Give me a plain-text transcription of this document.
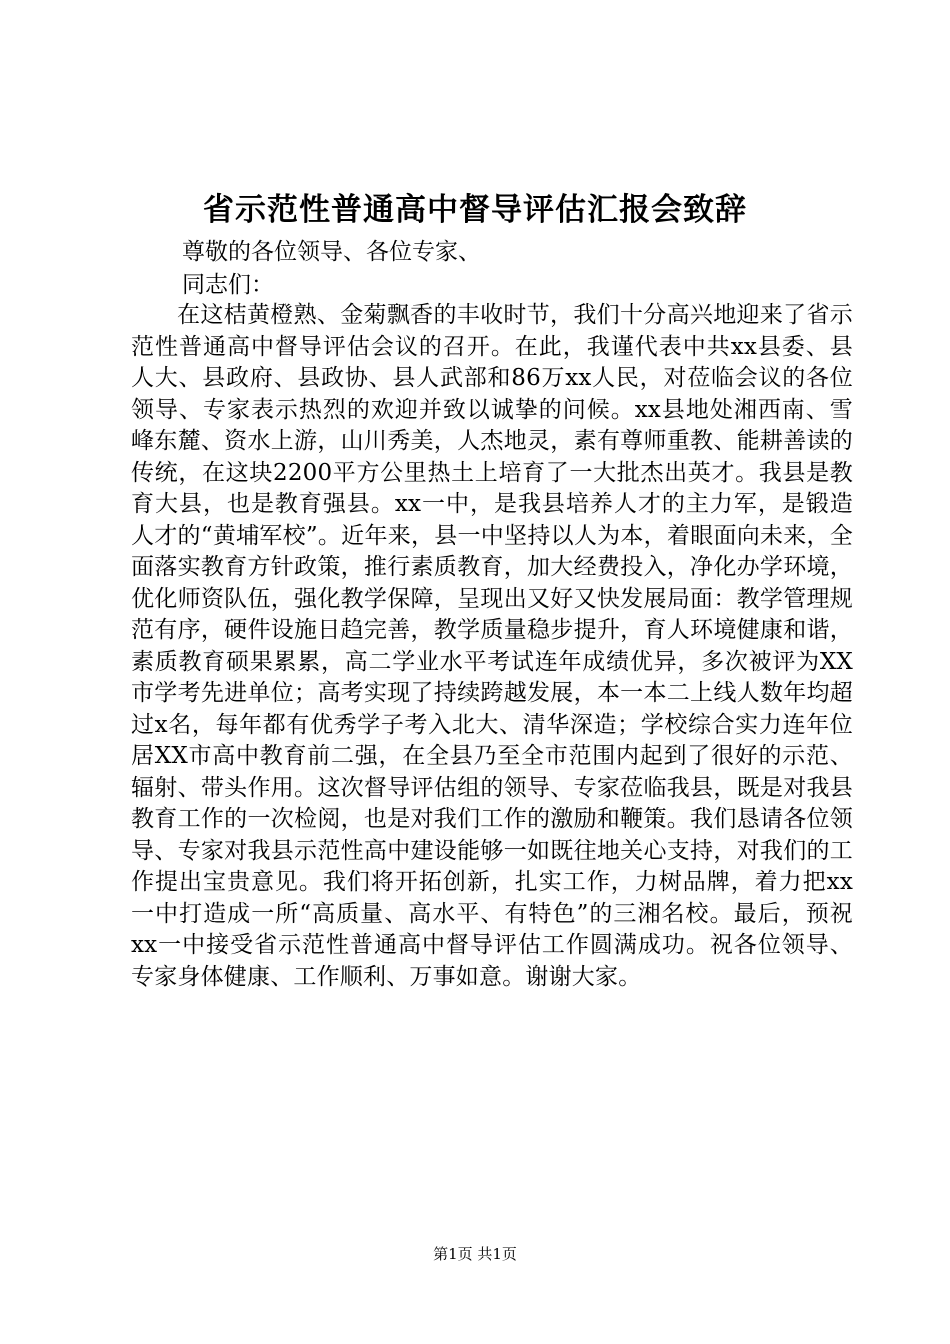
省示范性普通高中督导评估汇报会致辞

尊敬的各位领导、各位专家、

同志们：

在这桔黄橙熟、金菊飘香的丰收时节，我们十分高兴地迎来了省示范性普通高中督导评估会议的召开。在此，我谨代表中共xx县委、县人大、县政府、县政协、县人武部和86万xx人民，对莅临会议的各位领导、专家表示热烈的欢迎并致以诚挚的问候。xx县地处湘西南、雪峰东麓、资水上游，山川秀美，人杰地灵，素有尊师重教、能耕善读的传统，在这块2200平方公里热土上培育了一大批杰出英才。我县是教育大县，也是教育强县。xx一中，是我县培养人才的主力军，是锻造人才的“黄埔军校”。近年来，县一中坚持以人为本，着眼面向未来，全面落实教育方针政策，推行素质教育，加大经费投入，净化办学环境，优化师资队伍，强化教学保障，呈现出又好又快发展局面：教学管理规范有序，硬件设施日趋完善，教学质量稳步提升，育人环境健康和谐，素质教育硕果累累，高二学业水平考试连年成绩优异，多次被评为XX市学考先进单位；高考实现了持续跨越发展，本一本二上线人数年均超过x名，每年都有优秀学子考入北大、清华深造；学校综合实力连年位居XX市高中教育前二强，在全县乃至全市范围内起到了很好的示范、辐射、带头作用。这次督导评估组的领导、专家莅临我县，既是对我县教育工作的一次检阅，也是对我们工作的激励和鞭策。我们恳请各位领导、专家对我县示范性高中建设能够一如既往地关心支持，对我们的工作提出宝贵意见。我们将开拓创新，扎实工作，力树品牌，着力把xx一中打造成一所“高质量、高水平、有特色”的三湘名校。最后，预祝xx一中接受省示范性普通高中督导评估工作圆满成功。祝各位领导、专家身体健康、工作顺利、万事如意。谢谢大家。

第1页 共1页
